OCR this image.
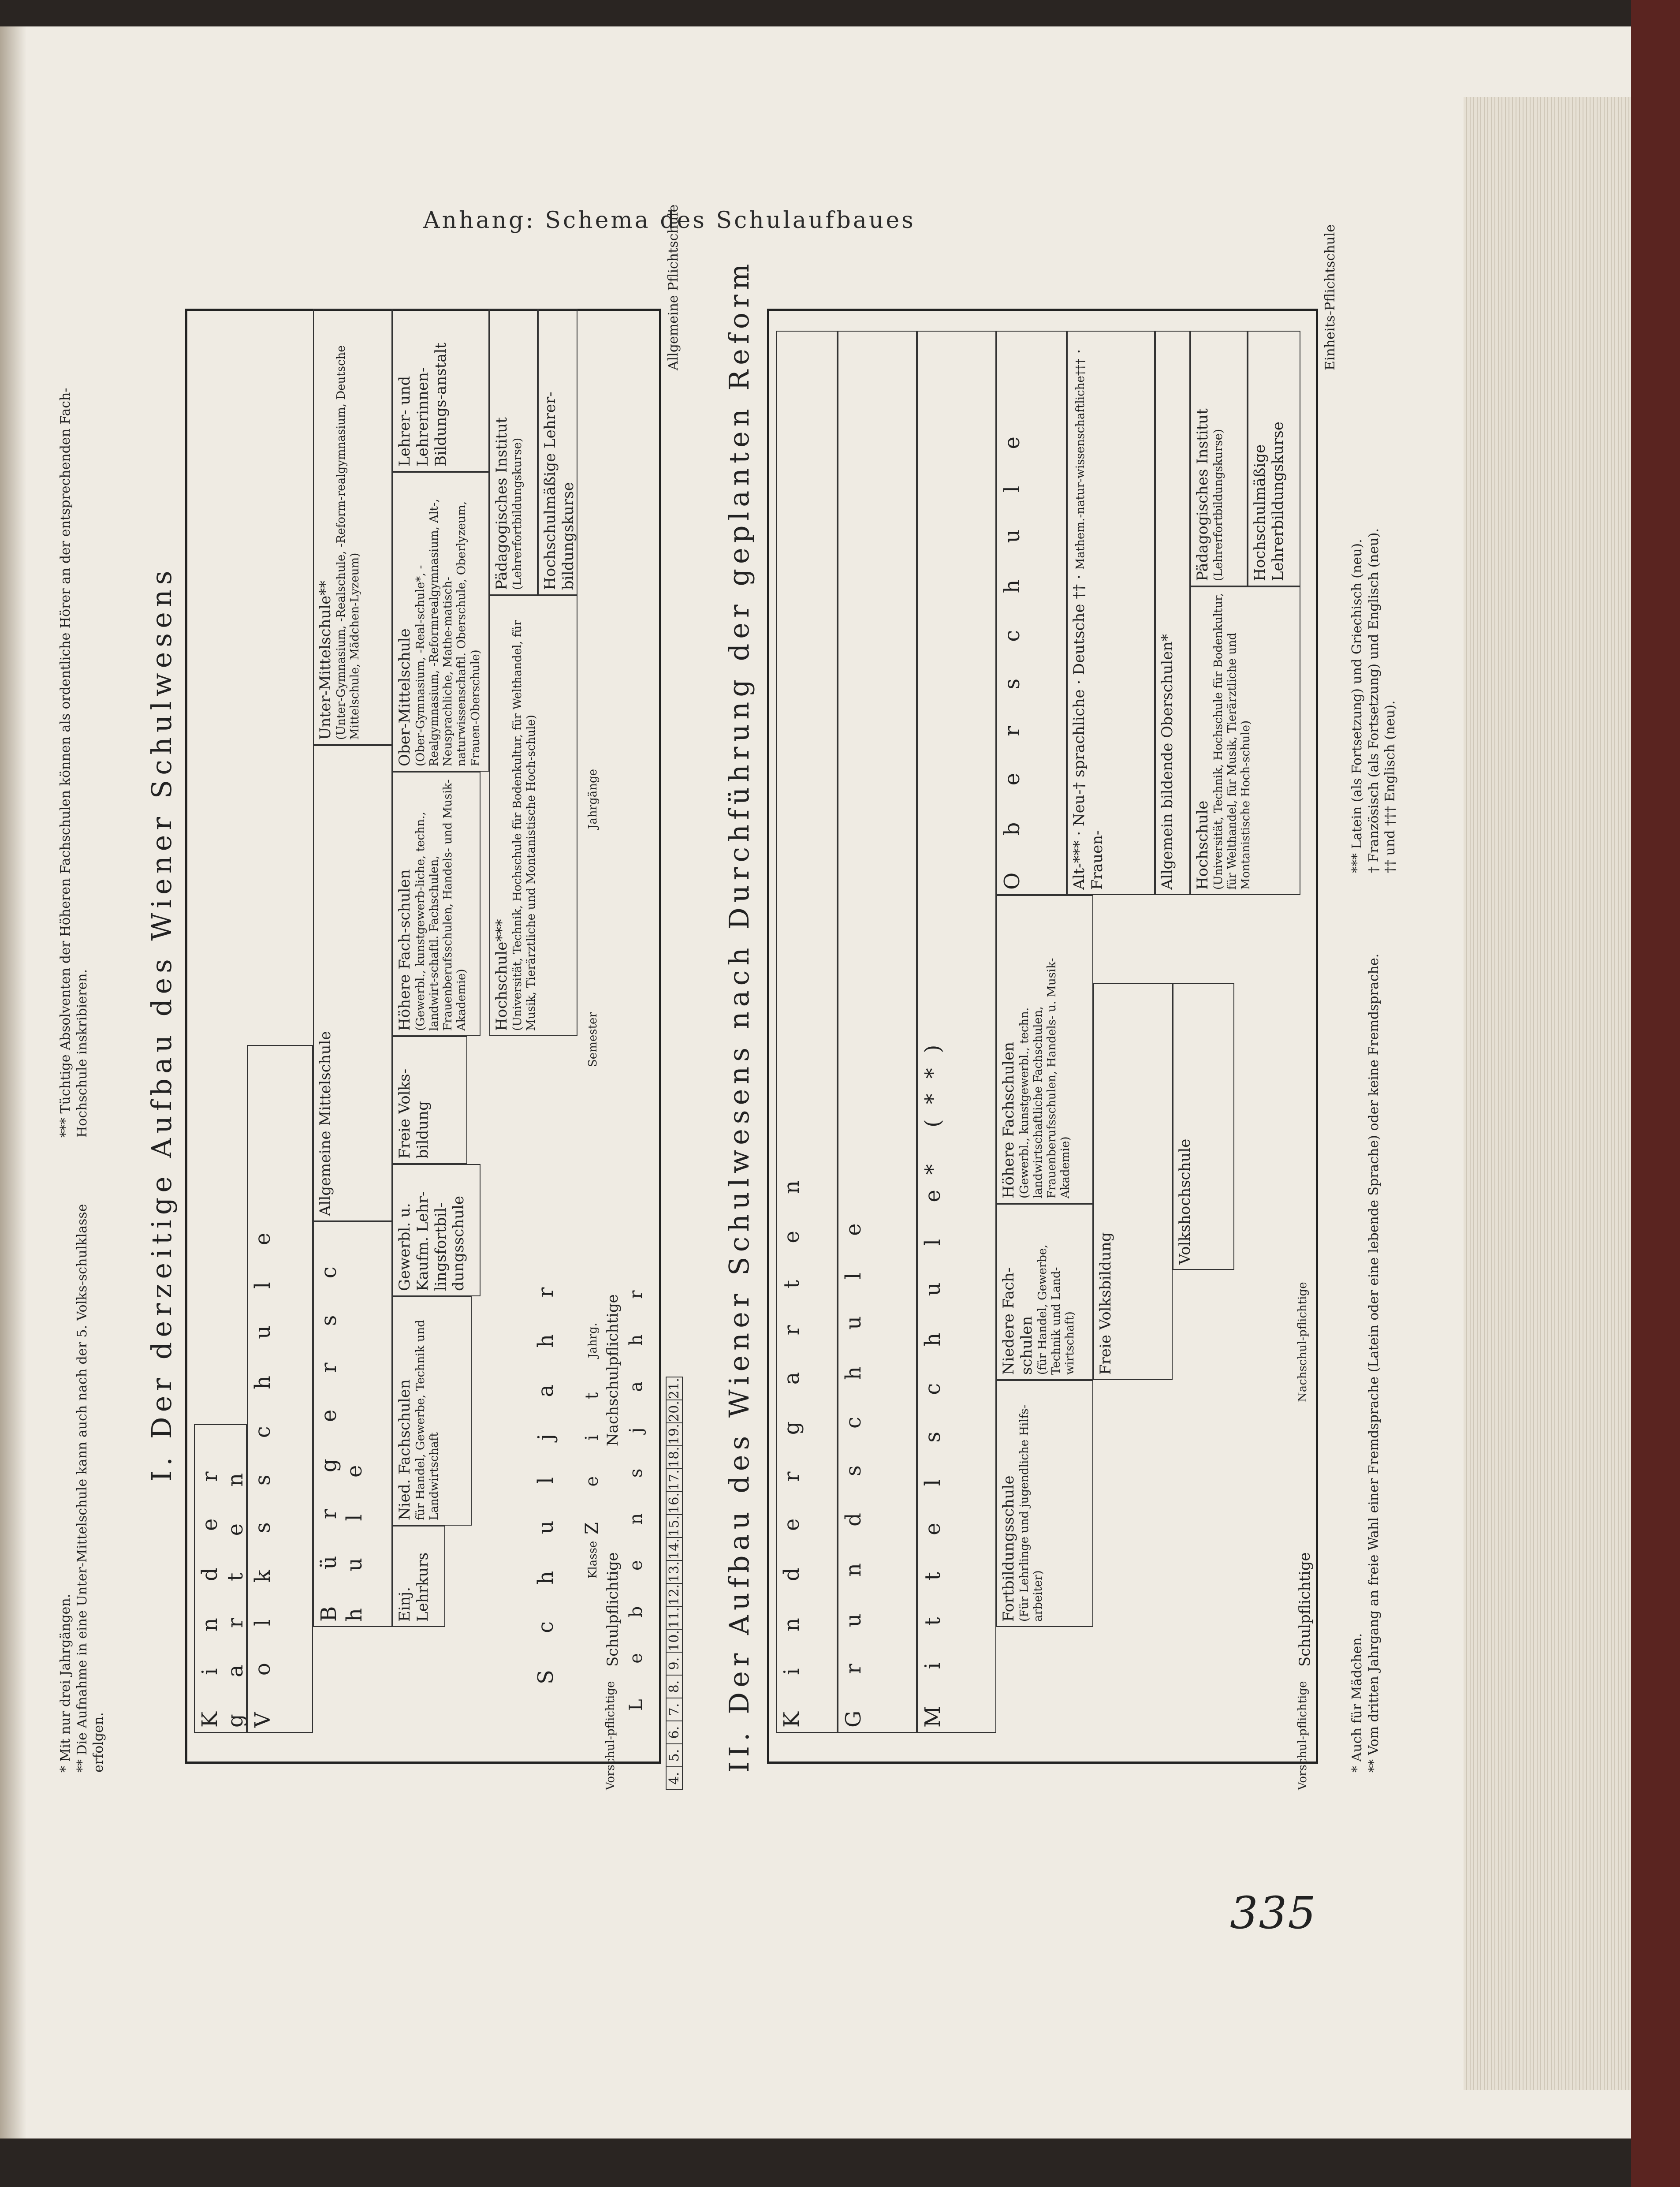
Anhang: Schema des Schulaufbaues
I. Der derzeitige Aufbau des Wiener Schulwesens
Allgemeine Pflichtschule
4.
5.
6.
7.
8.
9.
10.
11.
12.
13.
14.
15.
16.
17.
18.
19.
20.
21.
L e b e n s j a h r
Vorschul-pflichtige
Schulpflichtige
Nachschulpflichtige
Z e i t
S c h u l j a h r
K i n d e r g a r t e n V o l k s s c h u l e	B ü r g e r s c h u l e
Allgemeine Mittelschule
Unter-Mittelschule** (Unter-Gymnasium, -Realschule, -Reform-realgymnasium, Deutsche Mittelschule, Mädchen-Lyzeum)
Einj. Lehrkurs
Nied. Fachschulen für Handel, Gewerbe, Technik und Landwirtschaft
Gewerbl. u. Kaufm. Lehr-lingsfortbil-dungsschule
Freie Volks-bildung
Höhere Fach-schulen (Gewerbl., kunstgewerb-liche, techn., landwirt-schaftl. Fachschulen, Frauenberufsschulen, Handels- und Musik-Akademie)
Ober-Mittelschule (Ober-Gymnasium, -Real-schule*, -Realgymnasium, -Reformrealgymnasium, Alt-, Neusprachliche, Mathe-matisch-naturwissenschaftl. Oberschule, Oberlyzeum, Frauen-Oberschule)
Lehrer- und Lehrerinnen-Bildungs-anstalt
Hochschule*** (Universität, Technik, Hochschule für Bodenkultur, für Welthandel, für Musik, Tierärztliche und Montanistische Hoch-schule)
Pädagogisches Institut (Lehrerfortbildungskurse) Hochschulmäßige Lehrer-bildungskurse
Klasse
Jahrgänge
Semester
Jahrg.
* Mit nur drei Jahrgängen. ** Die Aufnahme in eine Unter-Mittelschule kann auch nach der 5. Volks-schulklasse erfolgen.
*** Tüchtige Absolventen der Höheren Fachschulen können als ordentliche Hörer an der entsprechenden Fach-Hochschule inskribieren.	II. Der Aufbau des Wiener Schulwesens nach Durchführung der geplanten Reform	Einheits-Pflichtschule
Vorschul-pflichtige
Schulpflichtige
Nachschul-pflichtige
K i n d e r g a r t e n	G r u n d s c h u l e	M i t t e l s c h u l e* (**)	Fortbildungsschule (Für Lehrlinge und jugendliche Hilfs-arbeiter)
Niedere Fach-schulen (für Handel, Gewerbe, Technik und Land-wirtschaft)
Höhere Fachschulen (Gewerbl., kunstgewerbl., techn. landwirtschaftliche Fachschulen, Frauenberufsschulen, Handels- u. Musik-Akademie)
O b e r s c h u l e
Freie Volksbildung
Volkshochschule
Alt-*** · Neu-† sprachliche · Deutsche †† · Mathem.-natur-wissenschaftliche††† · Frauen-	Allgemein bildende Oberschulen*	Hochschule (Universität, Technik, Hochschule für Bodenkultur, für Welthandel, für Musik, Tierärztliche und Montanistische Hoch-schule)
Pädagogisches Institut (Lehrerfortbildungskurse) Hochschulmäßige Lehrerbildungskurse
* Auch für Mädchen. ** Vom dritten Jahrgang an freie Wahl einer Fremdsprache (Latein oder eine lebende Sprache) oder keine Fremdsprache.
*** Latein (als Fortsetzung) und Griechisch (neu). † Französisch (als Fortsetzung) und Englisch (neu). †† und ††† Englisch (neu).
335
